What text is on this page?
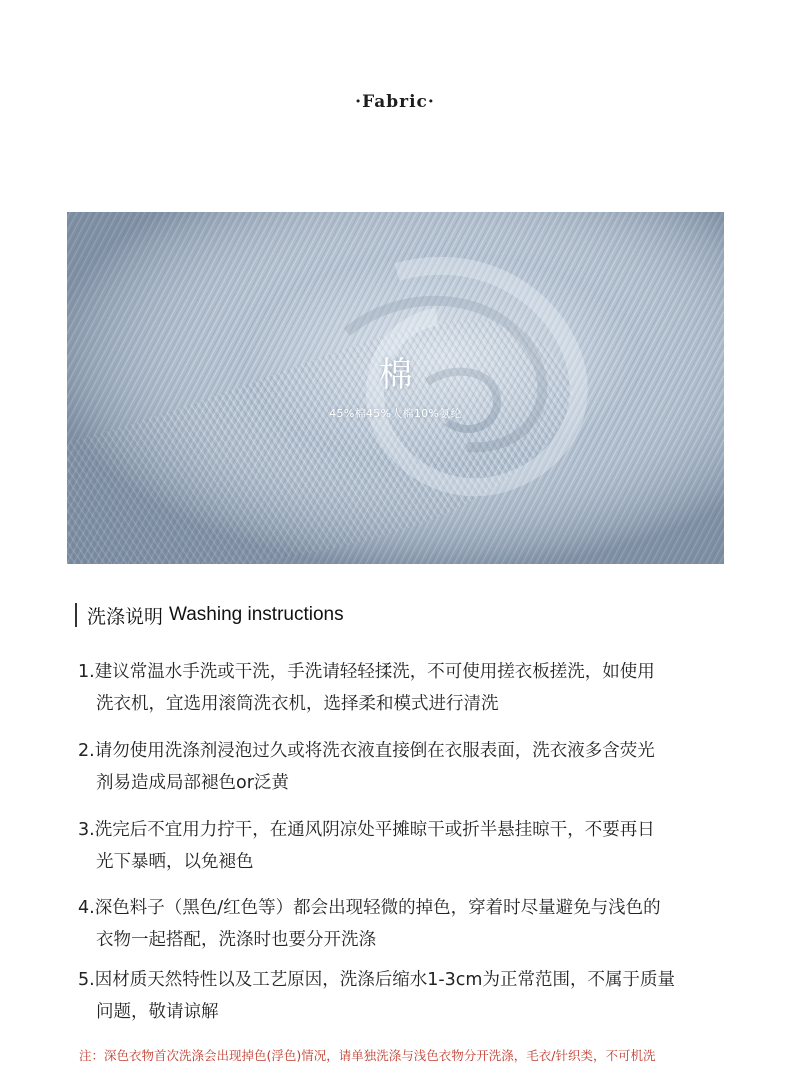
·Fabric·
棉
45%棉45%人棉10%氨纶
洗涤说明 Washing instructions
1.建议常温水手洗或干洗，手洗请轻轻揉洗，不可使用搓衣板搓洗，如使用
洗衣机，宜选用滚筒洗衣机，选择柔和模式进行清洗
2.请勿使用洗涤剂浸泡过久或将洗衣液直接倒在衣服表面，洗衣液多含荧光
剂易造成局部褪色or泛黄
3.洗完后不宜用力拧干，在通风阴凉处平摊晾干或折半悬挂晾干，不要再日
光下暴晒，以免褪色
4.深色料子（黑色/红色等）都会出现轻微的掉色，穿着时尽量避免与浅色的
衣物一起搭配，洗涤时也要分开洗涤
5.因材质天然特性以及工艺原因，洗涤后缩水1-3cm为正常范围，不属于质量
问题，敬请谅解
注：深色衣物首次洗涤会出现掉色(浮色)情况，请单独洗涤与浅色衣物分开洗涤，毛衣/针织类，不可机洗
